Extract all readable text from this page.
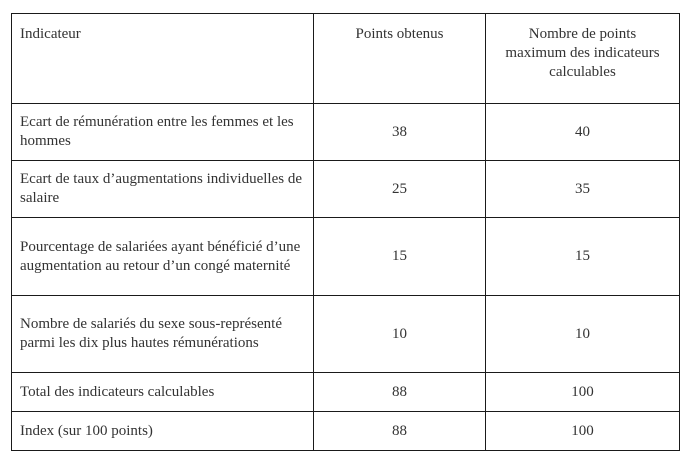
Indicateur	Points obtenus	Nombre de points
maximum des indicateurs
calculables
Ecart de rémunération entre les femmes et les hommes	38	40
Ecart de taux d’augmentations individuelles de salaire	25	35
Pourcentage de salariées ayant bénéficié d’une augmentation au retour d’un congé maternité	15	15
Nombre de salariés du sexe sous-représenté parmi les dix plus hautes rémunérations	10	10
Total des indicateurs calculables	88	100
Index (sur 100 points)	88	100
